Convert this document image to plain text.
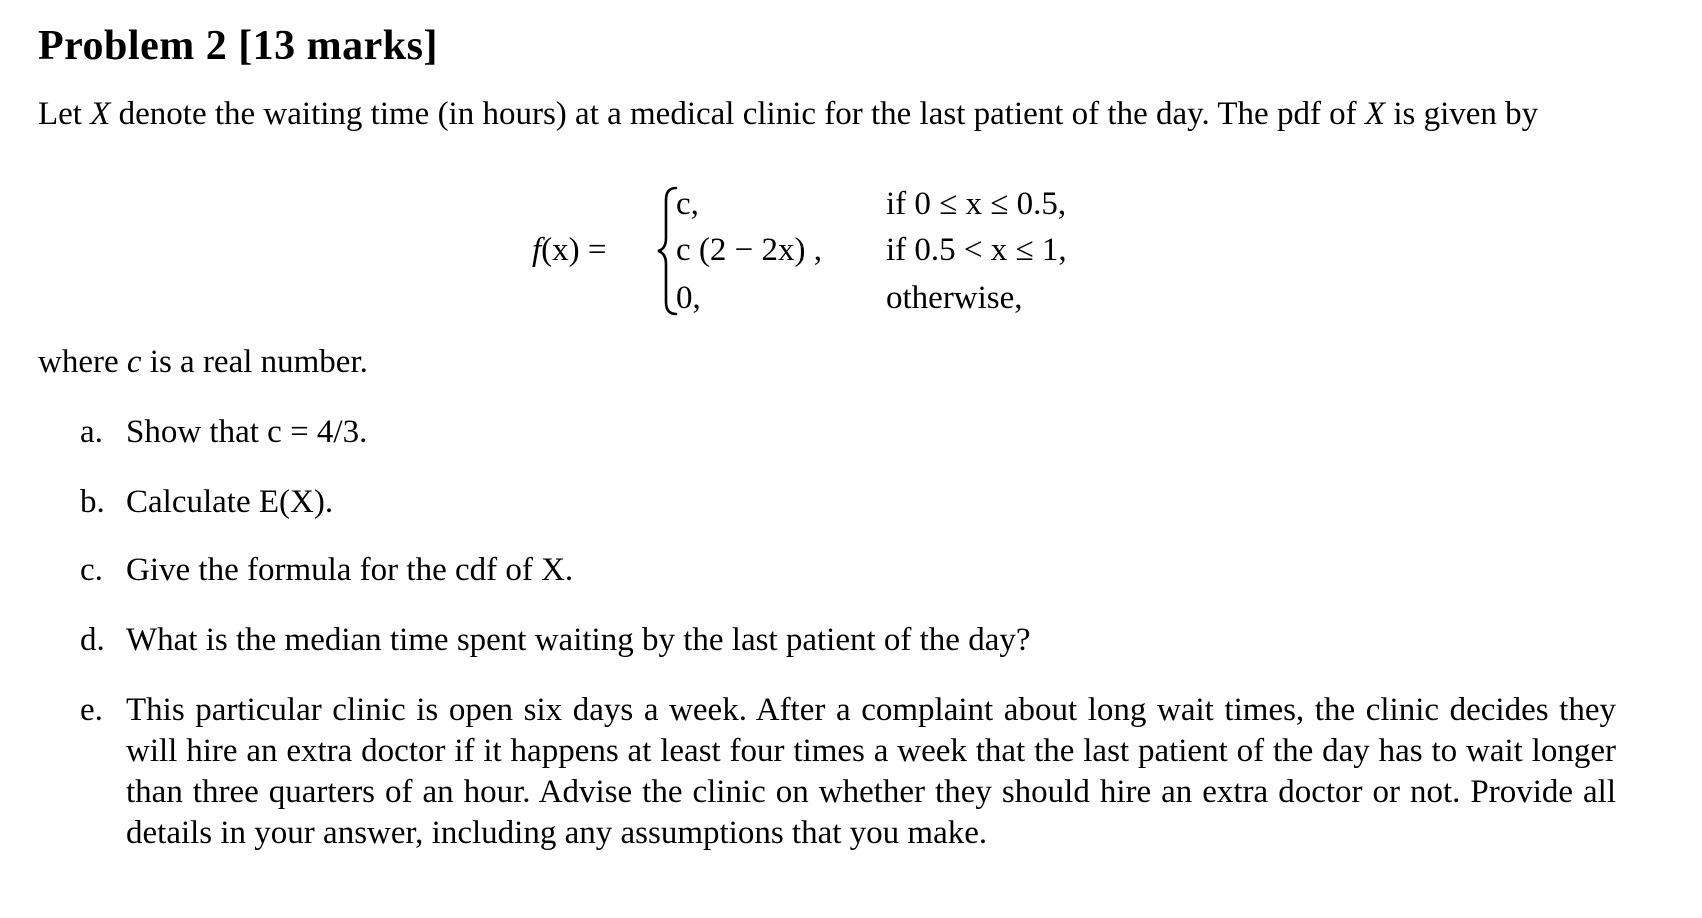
Problem 2 [13 marks]
Let X denote the waiting time (in hours) at a medical clinic for the last patient of the day. The pdf of X is given by
f(x) =
c,	if 0 ≤ x ≤ 0.5,
c (2 − 2x) , if 0.5 < x ≤ 1,
0,	otherwise,
where c is a real number.
a. Show that c = 4/3.
b. Calculate E(X).
c. Give the formula for the cdf of X.
d. What is the median time spent waiting by the last patient of the day?
e. This particular clinic is open six days a week. After a complaint about long wait times, the clinic decides they will hire an extra doctor if it happens at least four times a week that the last patient of the day has to wait longer than three quarters of an hour. Advise the clinic on whether they should hire an extra doctor or not. Provide all details in your answer, including any assumptions that you make.
